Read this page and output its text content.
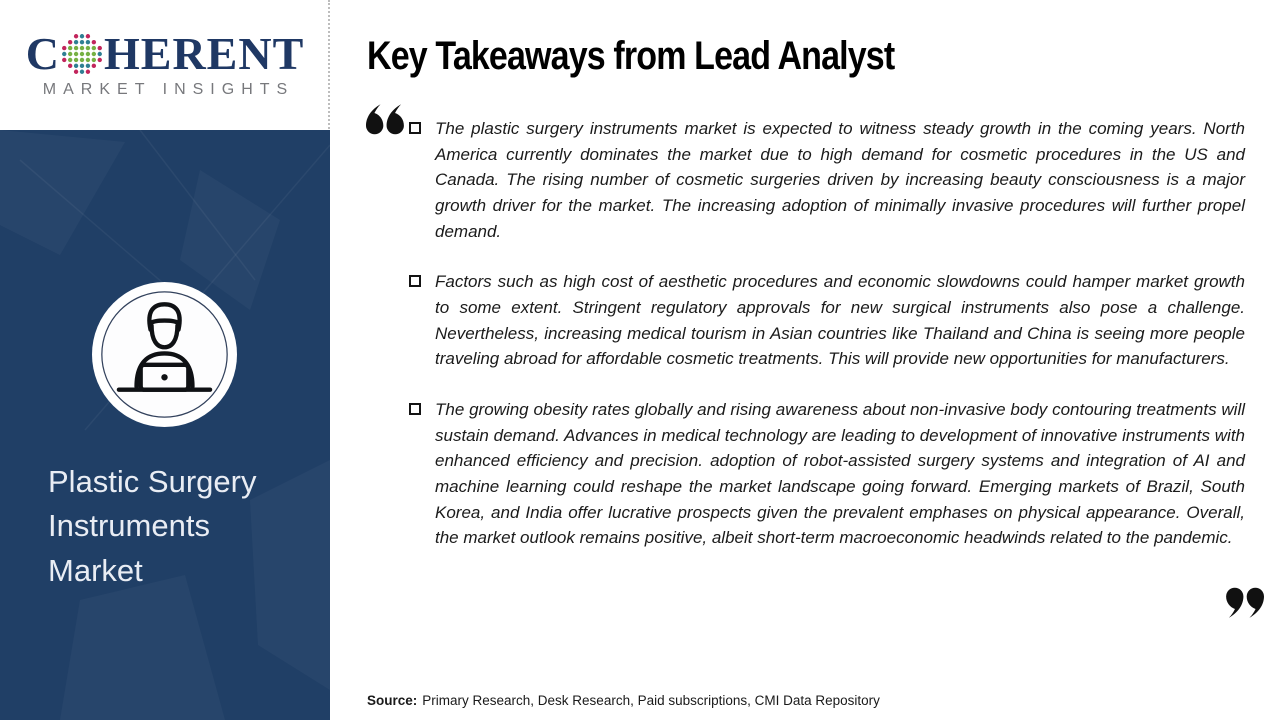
C HERENT
MARKET INSIGHTS
Plastic Surgery Instruments Market
Key Takeaways from Lead Analyst

The plastic surgery instruments market is expected to witness steady growth in the coming years. North America currently dominates the market due to high demand for cosmetic procedures in the US and Canada. The rising number of cosmetic surgeries driven by increasing beauty consciousness is a major growth driver for the market. The increasing adoption of minimally invasive procedures will further propel demand.

Factors such as high cost of aesthetic procedures and economic slowdowns could hamper market growth to some extent. Stringent regulatory approvals for new surgical instruments also pose a challenge. Nevertheless, increasing medical tourism in Asian countries like Thailand and China is seeing more people traveling abroad for affordable cosmetic treatments. This will provide new opportunities for manufacturers.

The growing obesity rates globally and rising awareness about non-invasive body contouring treatments will sustain demand. Advances in medical technology are leading to development of innovative instruments with enhanced efficiency and precision. adoption of robot-assisted surgery systems and integration of AI and machine learning could reshape the market landscape going forward. Emerging markets of Brazil, South Korea, and India offer lucrative prospects given the prevalent emphases on physical appearance. Overall, the market outlook remains positive, albeit short-term macroeconomic headwinds related to the pandemic.

Source: Primary Research, Desk Research, Paid subscriptions, CMI Data Repository
